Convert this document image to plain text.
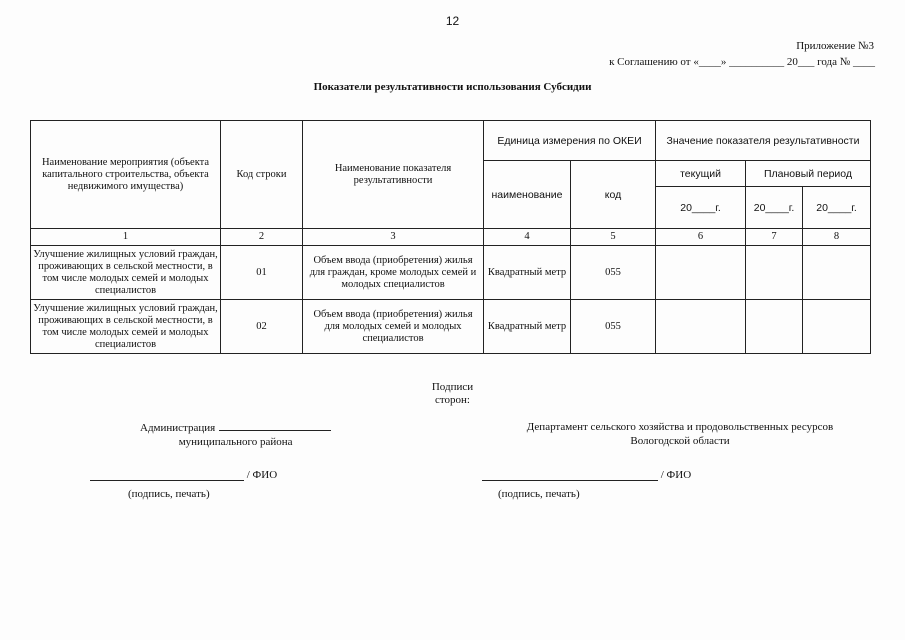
12
Приложение №3
к Соглашению от «____» __________ 20___ года № ____
Показатели результативности использования Субсидии
Наименование мероприятия (объекта капитального строительства, объекта недвижимого имущества)	Код строки	Наименование показателя результативности	Единица измерения по ОКЕИ		Значение показателя результативности		
			наименование	код	текущий	Плановый период	
					20____г.	20____г.	20____г.
1	2	3	4	5	6	7	8
Улучшение жилищных условий граждан, проживающих в сельской местности, в том числе молодых семей и молодых специалистов	01	Объем ввода (приобретения) жилья для граждан, кроме молодых семей и молодых специалистов	Квадратный метр	055			
Улучшение жилищных условий граждан, проживающих в сельской местности, в том числе молодых семей и молодых специалистов	02	Объем ввода (приобретения) жилья для молодых семей и молодых специалистов	Квадратный метр	055			
Подписи
сторон:
Администрация
муниципального района
Департамент сельского хозяйства и продовольственных ресурсов
Вологодской области
/ ФИО	/ ФИО
(подпись, печать)	(подпись, печать)
